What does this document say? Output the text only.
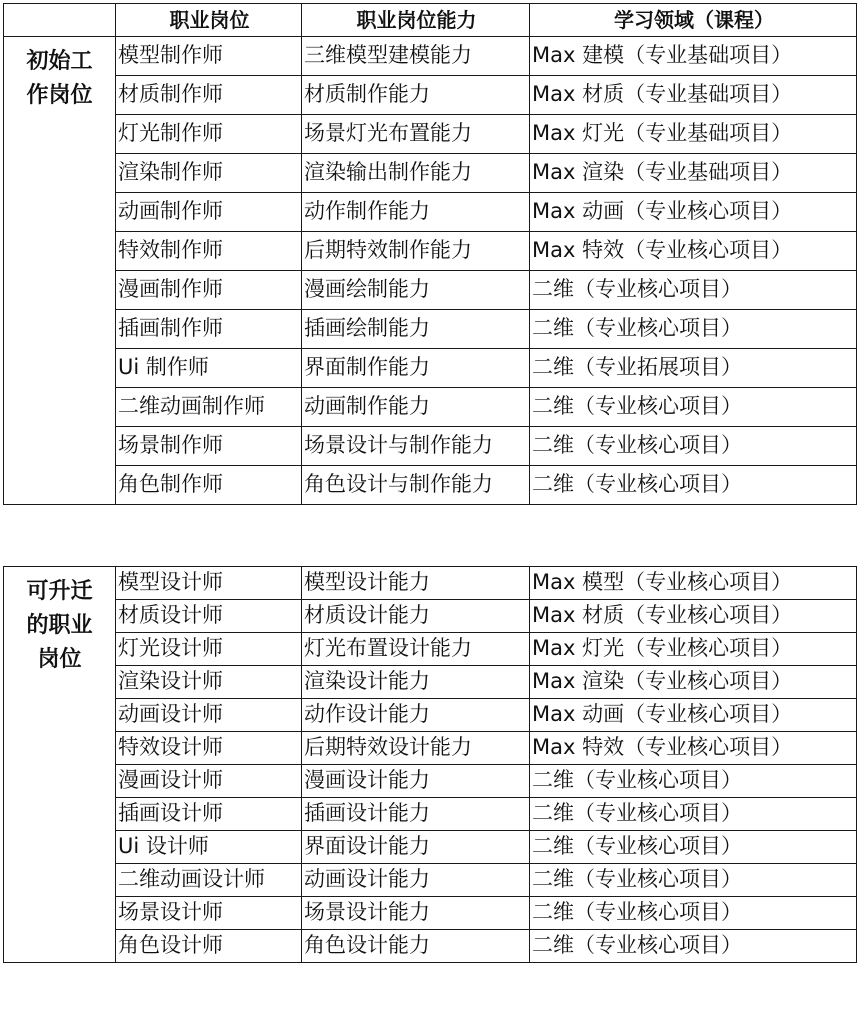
	职业岗位	职业岗位能力	学习领域（课程）

初始工
作岗位	模型制作师	三维模型建模能力	Max 建模（专业基础项目）
	材质制作师	材质制作能力	Max 材质（专业基础项目）
	灯光制作师	场景灯光布置能力	Max 灯光（专业基础项目）
	渲染制作师	渲染输出制作能力	Max 渲染（专业基础项目）
	动画制作师	动作制作能力	Max 动画（专业核心项目）
	特效制作师	后期特效制作能力	Max 特效（专业核心项目）
	漫画制作师	漫画绘制能力	二维（专业核心项目）
	插画制作师	插画绘制能力	二维（专业核心项目）
	Ui 制作师	界面制作能力	二维（专业拓展项目）
	二维动画制作师	动画制作能力	二维（专业核心项目）
	场景制作师	场景设计与制作能力	二维（专业核心项目）
	角色制作师	角色设计与制作能力	二维（专业核心项目）
可升迁
的职业
岗位	模型设计师	模型设计能力	Max 模型（专业核心项目）
	材质设计师	材质设计能力	Max 材质（专业核心项目）
	灯光设计师	灯光布置设计能力	Max 灯光（专业核心项目）
	渲染设计师	渲染设计能力	Max 渲染（专业核心项目）
	动画设计师	动作设计能力	Max 动画（专业核心项目）
	特效设计师	后期特效设计能力	Max 特效（专业核心项目）
	漫画设计师	漫画设计能力	二维（专业核心项目）
	插画设计师	插画设计能力	二维（专业核心项目）
	Ui 设计师	界面设计能力	二维（专业核心项目）
	二维动画设计师	动画设计能力	二维（专业核心项目）
	场景设计师	场景设计能力	二维（专业核心项目）
	角色设计师	角色设计能力	二维（专业核心项目）
